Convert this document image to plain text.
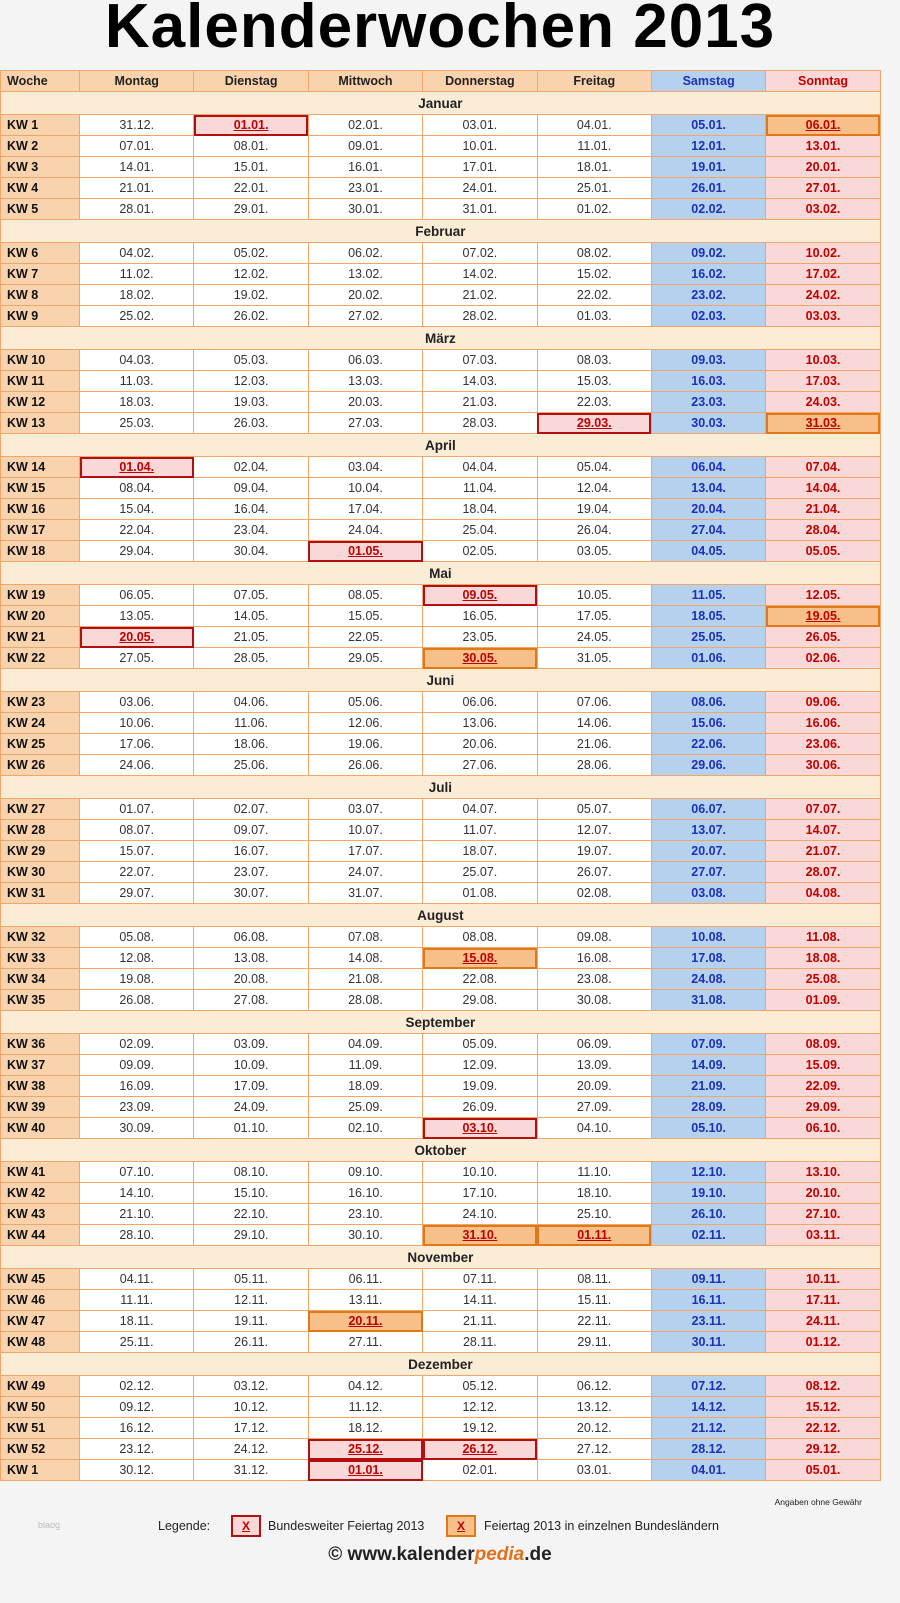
Kalenderwochen 2013
Woche	Montag	Dienstag	Mittwoch	Donnerstag	Freitag	Samstag	Sonntag
Januar							
KW 1	31.12.	01.01.	02.01.	03.01.	04.01.	05.01.	06.01.
KW 2	07.01.	08.01.	09.01.	10.01.	11.01.	12.01.	13.01.
KW 3	14.01.	15.01.	16.01.	17.01.	18.01.	19.01.	20.01.
KW 4	21.01.	22.01.	23.01.	24.01.	25.01.	26.01.	27.01.
KW 5	28.01.	29.01.	30.01.	31.01.	01.02.	02.02.	03.02.
Februar							
KW 6	04.02.	05.02.	06.02.	07.02.	08.02.	09.02.	10.02.
KW 7	11.02.	12.02.	13.02.	14.02.	15.02.	16.02.	17.02.
KW 8	18.02.	19.02.	20.02.	21.02.	22.02.	23.02.	24.02.
KW 9	25.02.	26.02.	27.02.	28.02.	01.03.	02.03.	03.03.
März							
KW 10	04.03.	05.03.	06.03.	07.03.	08.03.	09.03.	10.03.
KW 11	11.03.	12.03.	13.03.	14.03.	15.03.	16.03.	17.03.
KW 12	18.03.	19.03.	20.03.	21.03.	22.03.	23.03.	24.03.
KW 13	25.03.	26.03.	27.03.	28.03.	29.03.	30.03.	31.03.
April							
KW 14	01.04.	02.04.	03.04.	04.04.	05.04.	06.04.	07.04.
KW 15	08.04.	09.04.	10.04.	11.04.	12.04.	13.04.	14.04.
KW 16	15.04.	16.04.	17.04.	18.04.	19.04.	20.04.	21.04.
KW 17	22.04.	23.04.	24.04.	25.04.	26.04.	27.04.	28.04.
KW 18	29.04.	30.04.	01.05.	02.05.	03.05.	04.05.	05.05.
Mai							
KW 19	06.05.	07.05.	08.05.	09.05.	10.05.	11.05.	12.05.
KW 20	13.05.	14.05.	15.05.	16.05.	17.05.	18.05.	19.05.
KW 21	20.05.	21.05.	22.05.	23.05.	24.05.	25.05.	26.05.
KW 22	27.05.	28.05.	29.05.	30.05.	31.05.	01.06.	02.06.
Juni							
KW 23	03.06.	04.06.	05.06.	06.06.	07.06.	08.06.	09.06.
KW 24	10.06.	11.06.	12.06.	13.06.	14.06.	15.06.	16.06.
KW 25	17.06.	18.06.	19.06.	20.06.	21.06.	22.06.	23.06.
KW 26	24.06.	25.06.	26.06.	27.06.	28.06.	29.06.	30.06.
Juli							
KW 27	01.07.	02.07.	03.07.	04.07.	05.07.	06.07.	07.07.
KW 28	08.07.	09.07.	10.07.	11.07.	12.07.	13.07.	14.07.
KW 29	15.07.	16.07.	17.07.	18.07.	19.07.	20.07.	21.07.
KW 30	22.07.	23.07.	24.07.	25.07.	26.07.	27.07.	28.07.
KW 31	29.07.	30.07.	31.07.	01.08.	02.08.	03.08.	04.08.
August							
KW 32	05.08.	06.08.	07.08.	08.08.	09.08.	10.08.	11.08.
KW 33	12.08.	13.08.	14.08.	15.08.	16.08.	17.08.	18.08.
KW 34	19.08.	20.08.	21.08.	22.08.	23.08.	24.08.	25.08.
KW 35	26.08.	27.08.	28.08.	29.08.	30.08.	31.08.	01.09.
September							
KW 36	02.09.	03.09.	04.09.	05.09.	06.09.	07.09.	08.09.
KW 37	09.09.	10.09.	11.09.	12.09.	13.09.	14.09.	15.09.
KW 38	16.09.	17.09.	18.09.	19.09.	20.09.	21.09.	22.09.
KW 39	23.09.	24.09.	25.09.	26.09.	27.09.	28.09.	29.09.
KW 40	30.09.	01.10.	02.10.	03.10.	04.10.	05.10.	06.10.
Oktober							
KW 41	07.10.	08.10.	09.10.	10.10.	11.10.	12.10.	13.10.
KW 42	14.10.	15.10.	16.10.	17.10.	18.10.	19.10.	20.10.
KW 43	21.10.	22.10.	23.10.	24.10.	25.10.	26.10.	27.10.
KW 44	28.10.	29.10.	30.10.	31.10.	01.11.	02.11.	03.11.
November							
KW 45	04.11.	05.11.	06.11.	07.11.	08.11.	09.11.	10.11.
KW 46	11.11.	12.11.	13.11.	14.11.	15.11.	16.11.	17.11.
KW 47	18.11.	19.11.	20.11.	21.11.	22.11.	23.11.	24.11.
KW 48	25.11.	26.11.	27.11.	28.11.	29.11.	30.11.	01.12.
Dezember							
KW 49	02.12.	03.12.	04.12.	05.12.	06.12.	07.12.	08.12.
KW 50	09.12.	10.12.	11.12.	12.12.	13.12.	14.12.	15.12.
KW 51	16.12.	17.12.	18.12.	19.12.	20.12.	21.12.	22.12.
KW 52	23.12.	24.12.	25.12.	26.12.	27.12.	28.12.	29.12.
KW 1	30.12.	31.12.	01.01.	02.01.	03.01.	04.01.	05.01.
Angaben ohne Gewähr
blaog	Legende:	X	Bundesweiter Feiertag 2013	X	Feiertag 2013 in einzelnen Bundesländern
© www.kalenderpedia.de
